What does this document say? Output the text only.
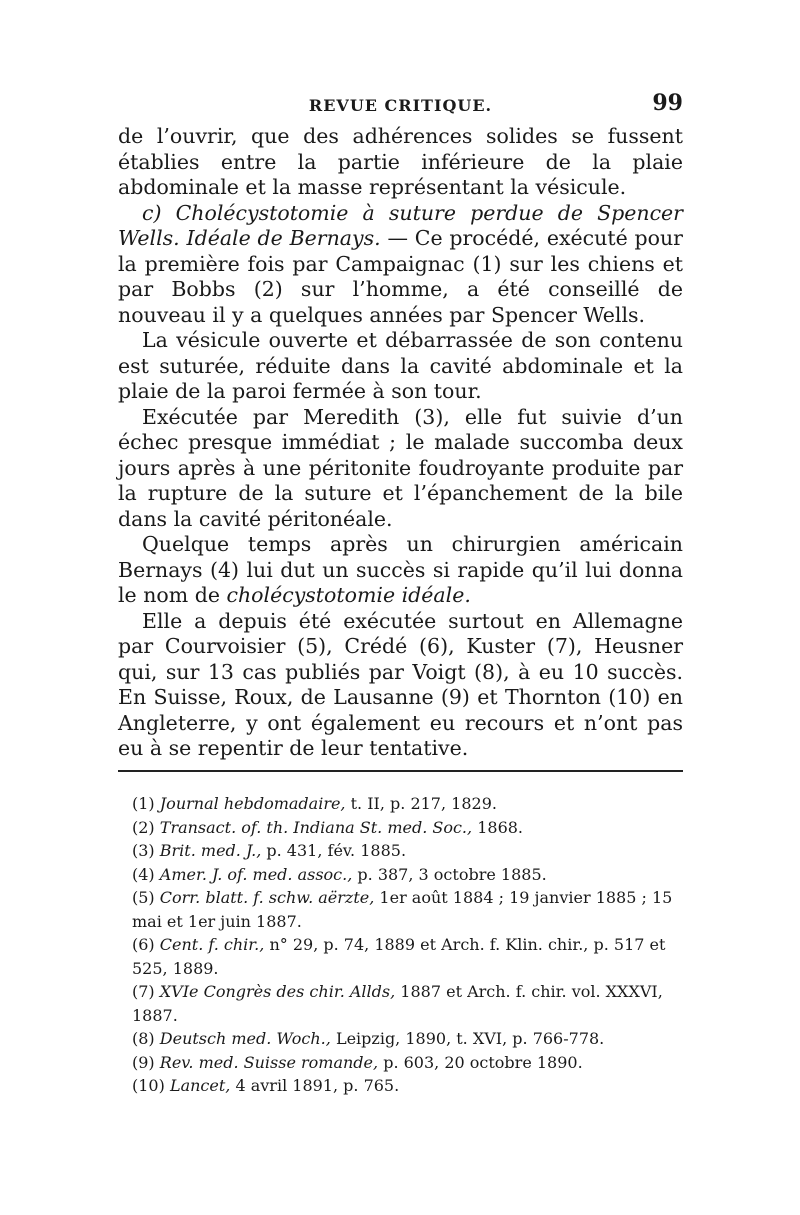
REVUE CRITIQUE.	99

de l’ouvrir, que des adhérences solides se fussent établies entre la partie inférieure de la plaie abdominale et la masse représentant la vésicule.

c) Cholécystotomie à suture perdue de Spencer Wells. Idéale de Bernays. — Ce procédé, exécuté pour la première fois par Campaignac (1) sur les chiens et par Bobbs (2) sur l’homme, a été conseillé de nouveau il y a quelques années par Spencer Wells.

La vésicule ouverte et débarrassée de son contenu est suturée, réduite dans la cavité abdominale et la plaie de la paroi fermée à son tour.

Exécutée par Meredith (3), elle fut suivie d’un échec presque immédiat ; le malade succomba deux jours après à une péritonite foudroyante produite par la rupture de la suture et l’épanchement de la bile dans la cavité péritonéale.

Quelque temps après un chirurgien américain Bernays (4) lui dut un succès si rapide qu’il lui donna le nom de cholécystotomie idéale.

Elle a depuis été exécutée surtout en Allemagne par Courvoisier (5), Crédé (6), Kuster (7), Heusner qui, sur 13 cas publiés par Voigt (8), à eu 10 succès. En Suisse, Roux, de Lausanne (9) et Thornton (10) en Angleterre, y ont également eu recours et n’ont pas eu à se repentir de leur tentative.

(1) Journal hebdomadaire, t. II, p. 217, 1829.

(2) Transact. of. th. Indiana St. med. Soc., 1868.

(3) Brit. med. J., p. 431, fév. 1885.

(4) Amer. J. of. med. assoc., p. 387, 3 octobre 1885.

(5) Corr. blatt. f. schw. aërzte, 1er août 1884 ; 19 janvier 1885 ; 15 mai et 1er juin 1887.

(6) Cent. f. chir., n° 29, p. 74, 1889 et Arch. f. Klin. chir., p. 517 et 525, 1889.

(7) XVIe Congrès des chir. Allds, 1887 et Arch. f. chir. vol. XXXVI, 1887.

(8) Deutsch med. Woch., Leipzig, 1890, t. XVI, p. 766-778.

(9) Rev. med. Suisse romande, p. 603, 20 octobre 1890.

(10) Lancet, 4 avril 1891, p. 765.
